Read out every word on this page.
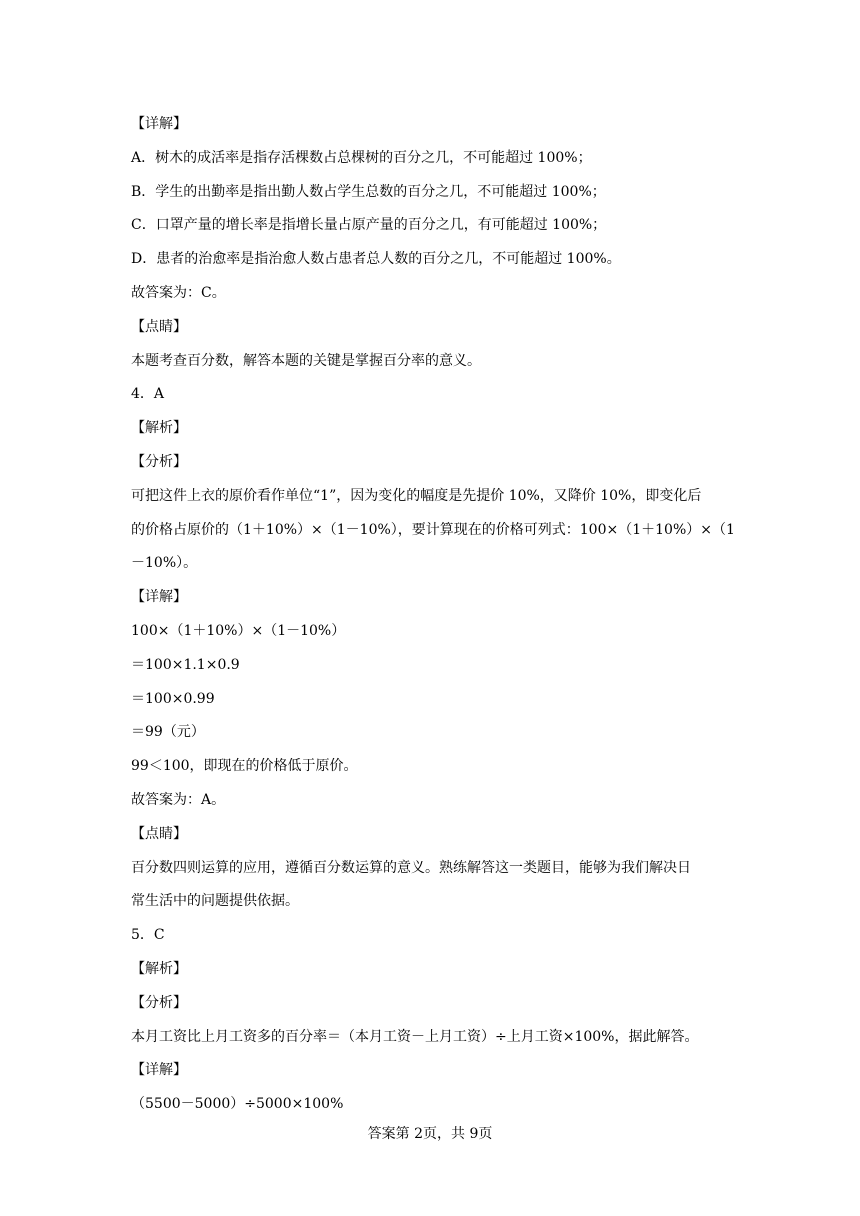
【详解】
A．树木的成活率是指存活棵数占总棵树的百分之几，不可能超过 100%；
B．学生的出勤率是指出勤人数占学生总数的百分之几，不可能超过 100%；
C．口罩产量的增长率是指增长量占原产量的百分之几，有可能超过 100%；
D．患者的治愈率是指治愈人数占患者总人数的百分之几，不可能超过 100%。
故答案为：C。
【点睛】
本题考查百分数，解答本题的关键是掌握百分率的意义。
4．A
【解析】
【分析】
可把这件上衣的原价看作单位“1”，因为变化的幅度是先提价 10%，又降价 10%，即变化后
的价格占原价的（1＋10%）×（1－10%），要计算现在的价格可列式：100×（1＋10%）×（1
－10%）。
【详解】
100×（1＋10%）×（1－10%）
＝100×1.1×0.9
＝100×0.99
＝99（元）
99＜100，即现在的价格低于原价。
故答案为：A。
【点睛】
百分数四则运算的应用，遵循百分数运算的意义。熟练解答这一类题目，能够为我们解决日
常生活中的问题提供依据。
5．C
【解析】
【分析】
本月工资比上月工资多的百分率＝（本月工资－上月工资）÷上月工资×100%，据此解答。
【详解】
（5500－5000）÷5000×100%
答案第 2页，共 9页
